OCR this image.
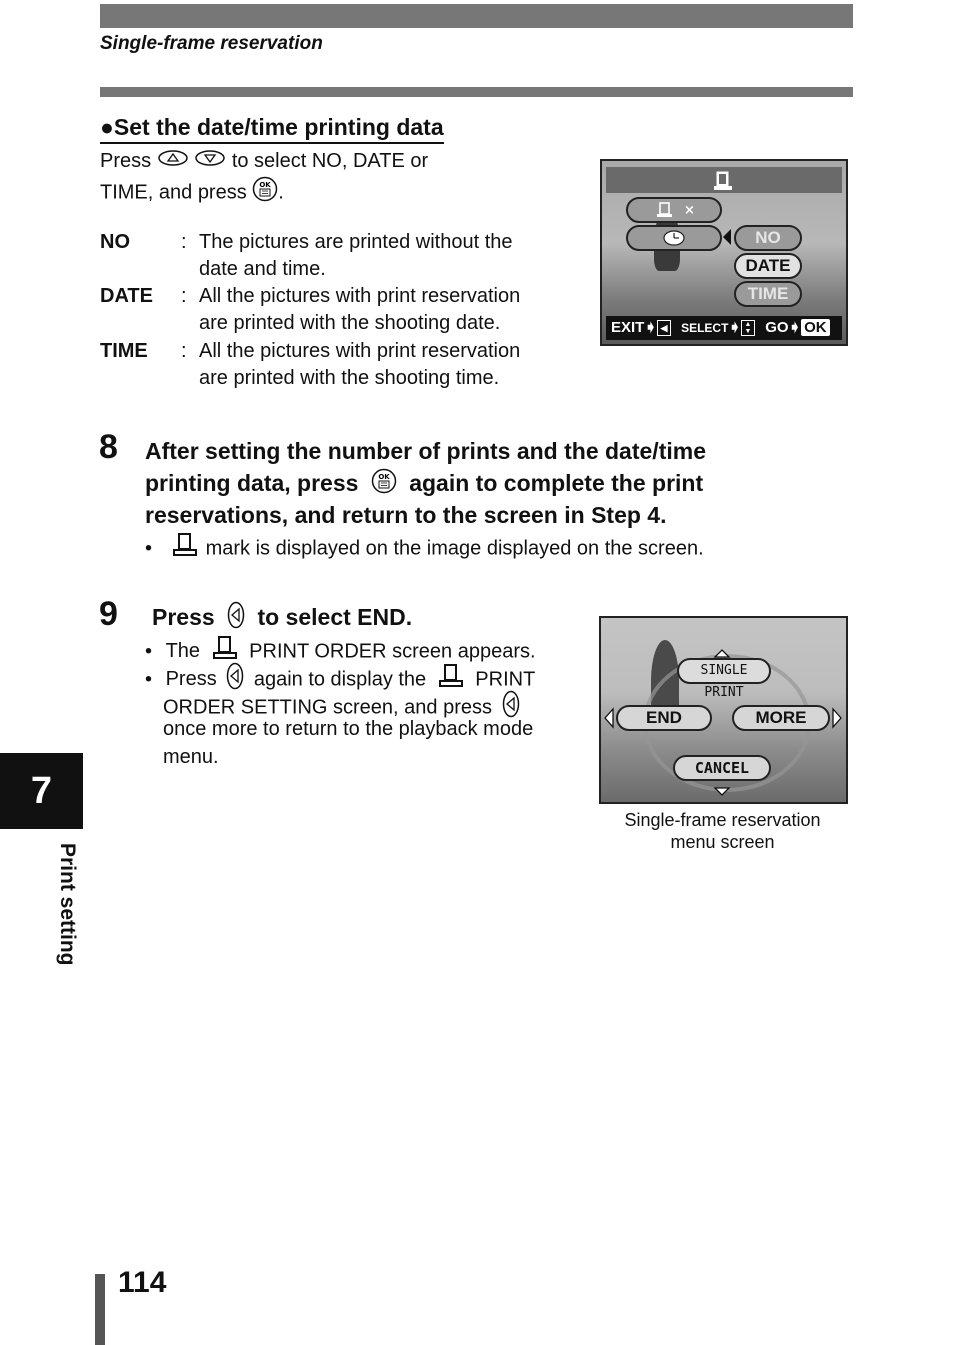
Single-frame reservation
●Set the date/time printing data
Press	to select NO, DATE or
TIME, and press OK .
NO	: The pictures are printed without the
date and time.
DATE : All the pictures with print reservation
are printed with the shooting date.
TIME : All the pictures with print reservation
are printed with the shooting time.
×
NO
DATE
TIME
EXIT➧ ◀ SELECT➧ ▲
▼ GO➧ OK
8 After setting the number of prints and the date/time
printing data, press	OK again to complete the print
reservations, and return to the screen in Step 4.
•	mark is displayed on the image displayed on the screen.
9 Press to select END.
• The PRINT ORDER screen appears.
• Press again to display the PRINT
ORDER SETTING screen, and press
once more to return to the playback mode
menu.
SINGLE PRINT
END	MORE
CANCEL
Single-frame reservation
menu screen
7
Print setting
114
